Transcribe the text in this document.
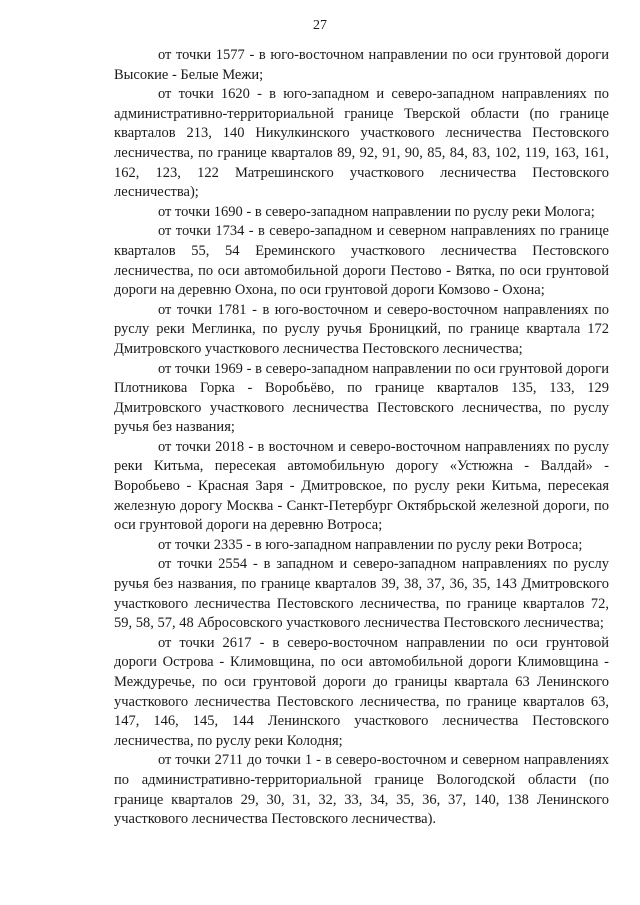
27

от точки 1577 - в юго-восточном направлении по оси грунтовой дороги Высокие - Белые Межи;

от точки 1620 - в юго-западном и северо-западном направлениях по административно-территориальной границе Тверской области (по границе кварталов 213, 140 Никулкинского участкового лесничества Пестовского лесничества, по границе кварталов 89, 92, 91, 90, 85, 84, 83, 102, 119, 163, 161, 162, 123, 122 Матрешинского участкового лесничества Пестовского лесничества);

от точки 1690 - в северо-западном направлении по руслу реки Молога;

от точки 1734 - в северо-западном и северном направлениях по границе кварталов 55, 54 Ереминского участкового лесничества Пестовского лесничества, по оси автомобильной дороги Пестово - Вятка, по оси грунтовой дороги на деревню Охона, по оси грунтовой дороги Комзово - Охона;

от точки 1781 - в юго-восточном и северо-восточном направлениях по руслу реки Меглинка, по руслу ручья Броницкий, по границе квартала 172 Дмитровского участкового лесничества Пестовского лесничества;

от точки 1969 - в северо-западном направлении по оси грунтовой дороги Плотникова Горка - Воробьёво, по границе кварталов 135, 133, 129 Дмитровского участкового лесничества Пестовского лесничества, по руслу ручья без названия;

от точки 2018 - в восточном и северо-восточном направлениях по руслу реки Китьма, пересекая автомобильную дорогу «Устюжна - Валдай» - Воробьево - Красная Заря - Дмитровское, по руслу реки Китьма, пересекая железную дорогу Москва - Санкт-Петербург Октябрьской железной дороги, по оси грунтовой дороги на деревню Вотроса;

от точки 2335 - в юго-западном направлении по руслу реки Вотроса;

от точки 2554 - в западном и северо-западном направлениях по руслу ручья без названия, по границе кварталов 39, 38, 37, 36, 35, 143 Дмитровского участкового лесничества Пестовского лесничества, по границе кварталов 72, 59, 58, 57, 48 Абросовского участкового лесничества Пестовского лесничества;

от точки 2617 - в северо-восточном направлении по оси грунтовой дороги Острова - Климовщина, по оси автомобильной дороги Климовщина - Междуречье, по оси грунтовой дороги до границы квартала 63 Ленинского участкового лесничества Пестовского лесничества, по границе кварталов 63, 147, 146, 145, 144 Ленинского участкового лесничества Пестовского лесничества, по руслу реки Колодня;

от точки 2711 до точки 1 - в северо-восточном и северном направлениях по административно-территориальной границе Вологодской области (по границе кварталов 29, 30, 31, 32, 33, 34, 35, 36, 37, 140, 138 Ленинского участкового лесничества Пестовского лесничества).
